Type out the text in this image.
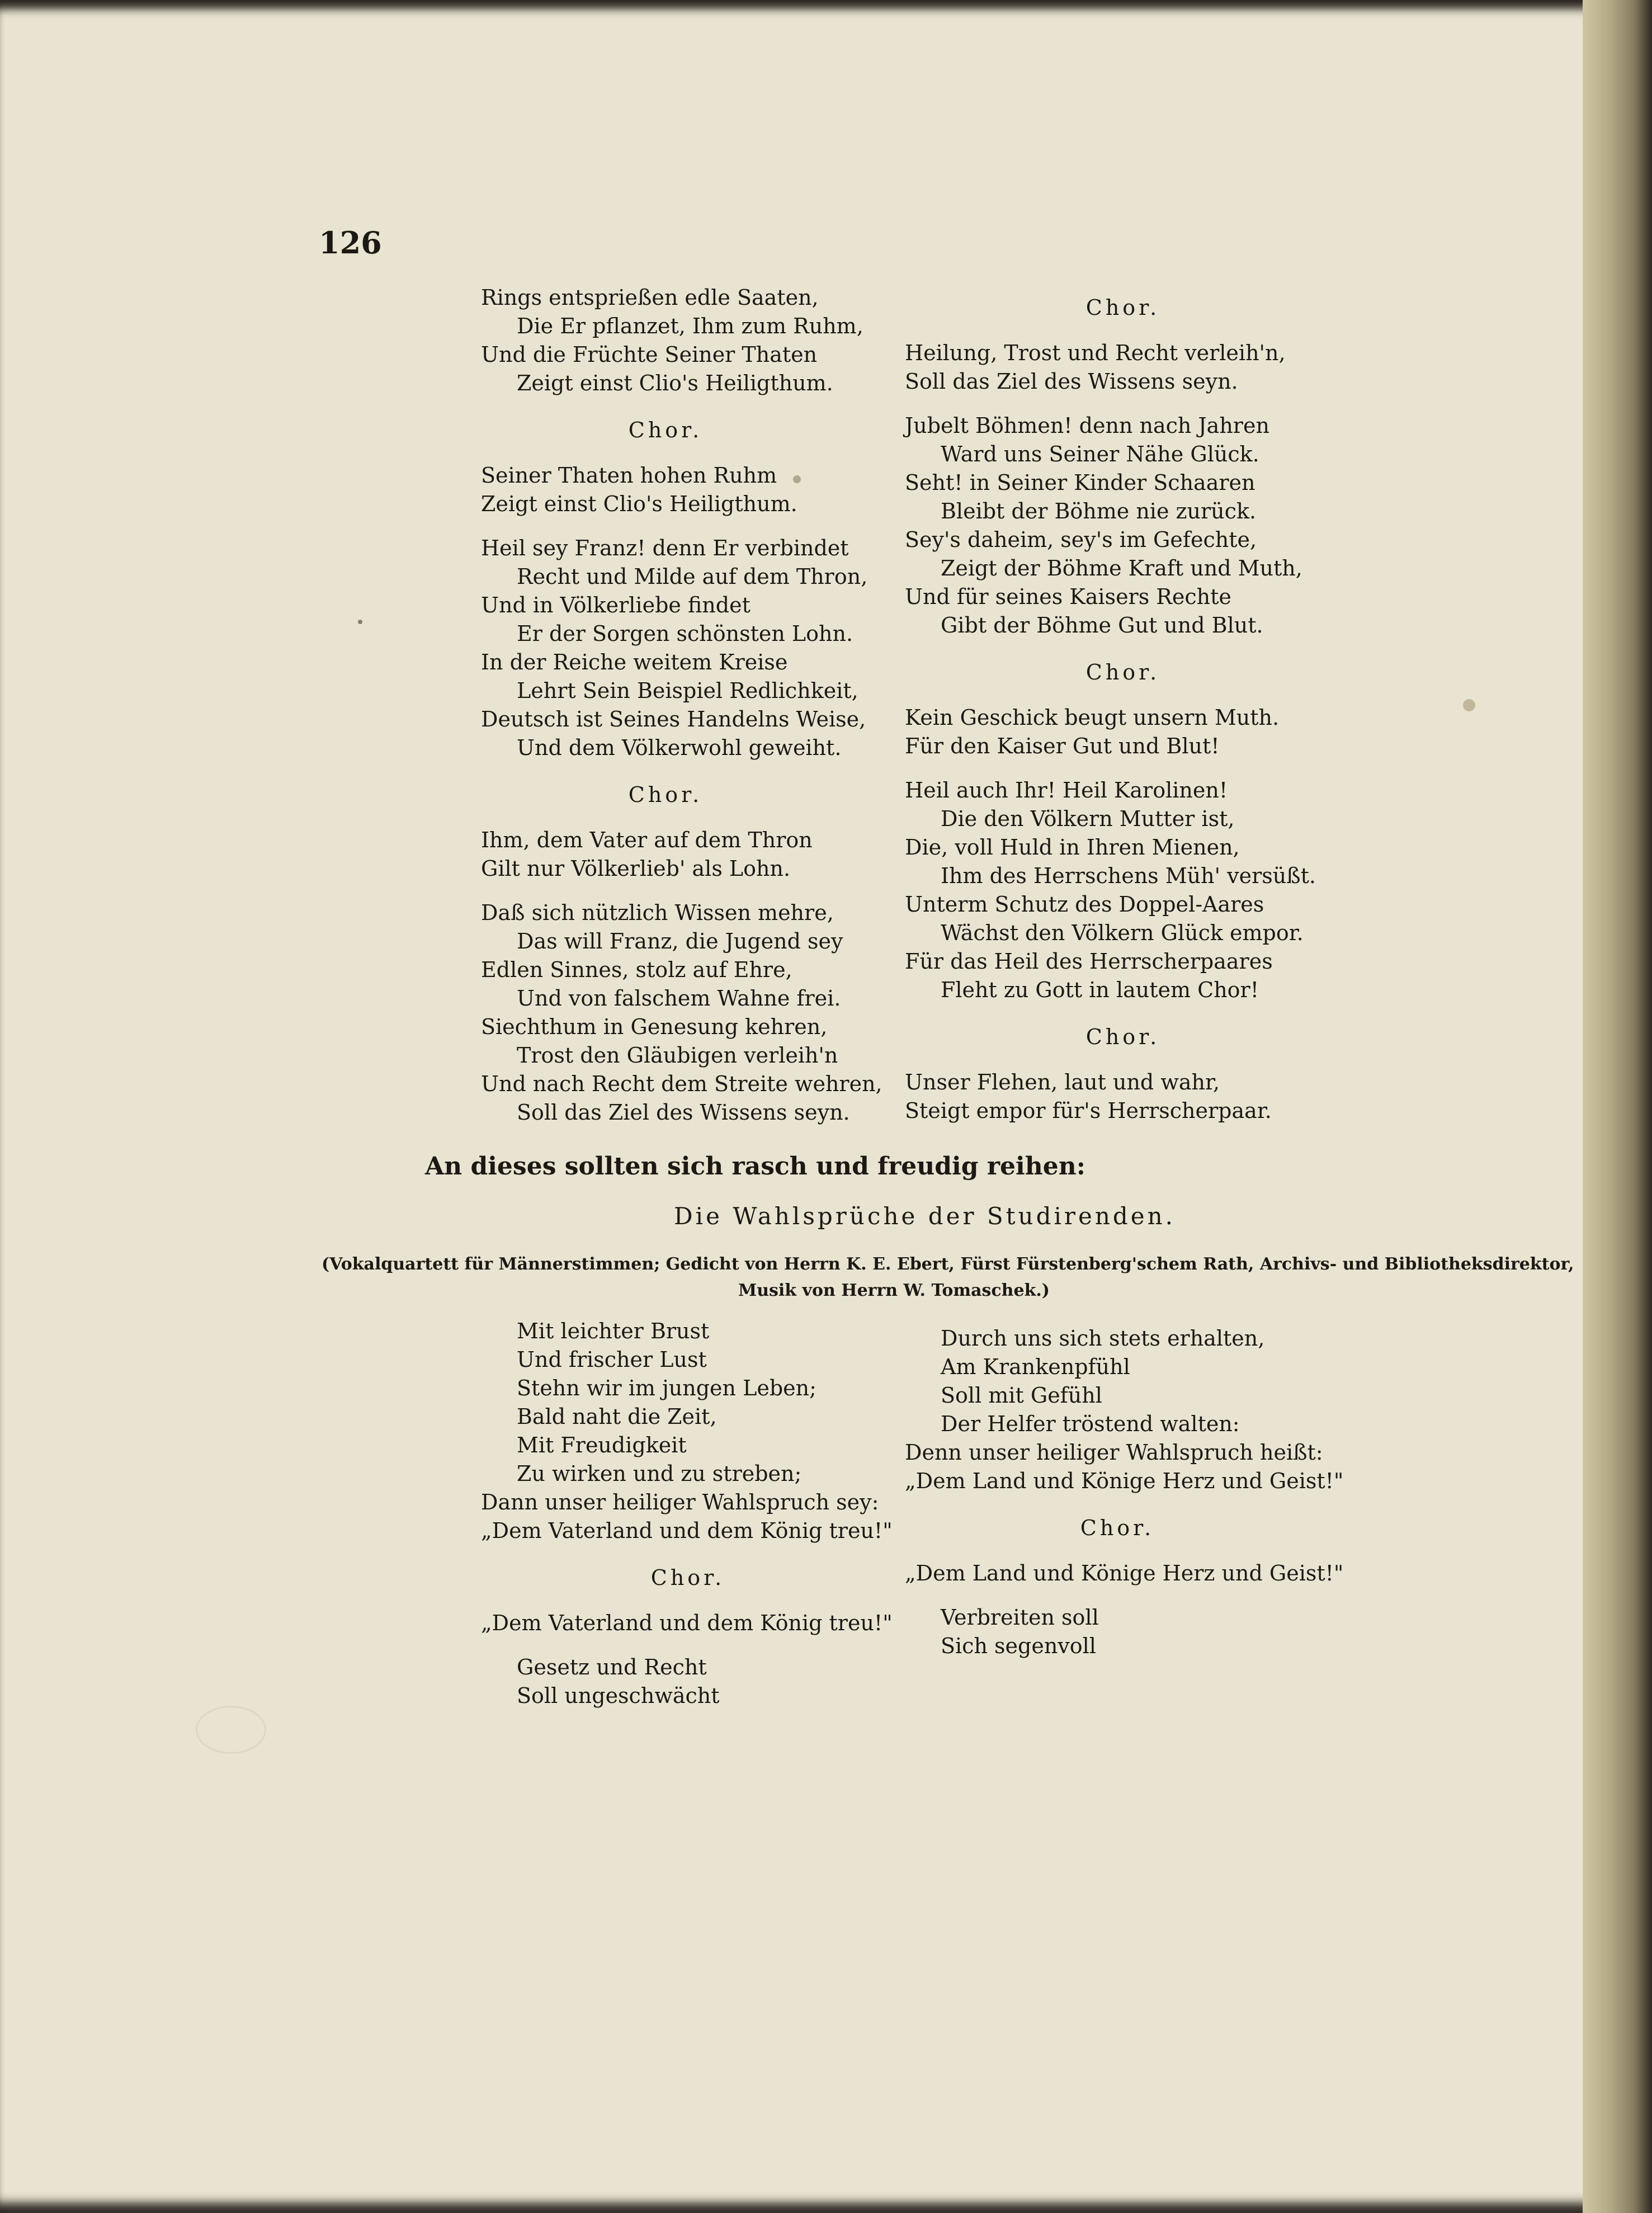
126
Rings entsprießen edle Saaten,
Die Er pflanzet, Ihm zum Ruhm,
Und die Früchte Seiner Thaten
Zeigt einst Clio's Heiligthum.
Chor.
Seiner Thaten hohen Ruhm
Zeigt einst Clio's Heiligthum.
Heil sey Franz! denn Er verbindet
Recht und Milde auf dem Thron,
Und in Völkerliebe findet
Er der Sorgen schönsten Lohn.
In der Reiche weitem Kreise
Lehrt Sein Beispiel Redlichkeit,
Deutsch ist Seines Handelns Weise,
Und dem Völkerwohl geweiht.
Chor.
Ihm, dem Vater auf dem Thron
Gilt nur Völkerlieb' als Lohn.
Daß sich nützlich Wissen mehre,
Das will Franz, die Jugend sey
Edlen Sinnes, stolz auf Ehre,
Und von falschem Wahne frei.
Siechthum in Genesung kehren,
Trost den Gläubigen verleih'n
Und nach Recht dem Streite wehren,
Soll das Ziel des Wissens seyn.
Chor.
Heilung, Trost und Recht verleih'n,
Soll das Ziel des Wissens seyn.
Jubelt Böhmen! denn nach Jahren
Ward uns Seiner Nähe Glück.
Seht! in Seiner Kinder Schaaren
Bleibt der Böhme nie zurück.
Sey's daheim, sey's im Gefechte,
Zeigt der Böhme Kraft und Muth,
Und für seines Kaisers Rechte
Gibt der Böhme Gut und Blut.
Chor.
Kein Geschick beugt unsern Muth.
Für den Kaiser Gut und Blut!
Heil auch Ihr! Heil Karolinen!
Die den Völkern Mutter ist,
Die, voll Huld in Ihren Mienen,
Ihm des Herrschens Müh' versüßt.
Unterm Schutz des Doppel-Aares
Wächst den Völkern Glück empor.
Für das Heil des Herrscherpaares
Fleht zu Gott in lautem Chor!
Chor.
Unser Flehen, laut und wahr,
Steigt empor für's Herrscherpaar.
An dieses sollten sich rasch und freudig reihen:
Die Wahlsprüche der Studirenden.
(Vokalquartett für Männerstimmen; Gedicht von Herrn K. E. Ebert, Fürst Fürstenberg'schem Rath, Archivs- und Bibliotheksdirektor,
Musik von Herrn W. Tomaschek.)
Mit leichter Brust
Und frischer Lust
Stehn wir im jungen Leben;
Bald naht die Zeit,
Mit Freudigkeit
Zu wirken und zu streben;
Dann unser heiliger Wahlspruch sey:
„Dem Vaterland und dem König treu!"
Chor.
„Dem Vaterland und dem König treu!"
Gesetz und Recht
Soll ungeschwächt
Durch uns sich stets erhalten,
Am Krankenpfühl
Soll mit Gefühl
Der Helfer tröstend walten:
Denn unser heiliger Wahlspruch heißt:
„Dem Land und Könige Herz und Geist!"
Chor.
„Dem Land und Könige Herz und Geist!"
Verbreiten soll
Sich segenvoll
